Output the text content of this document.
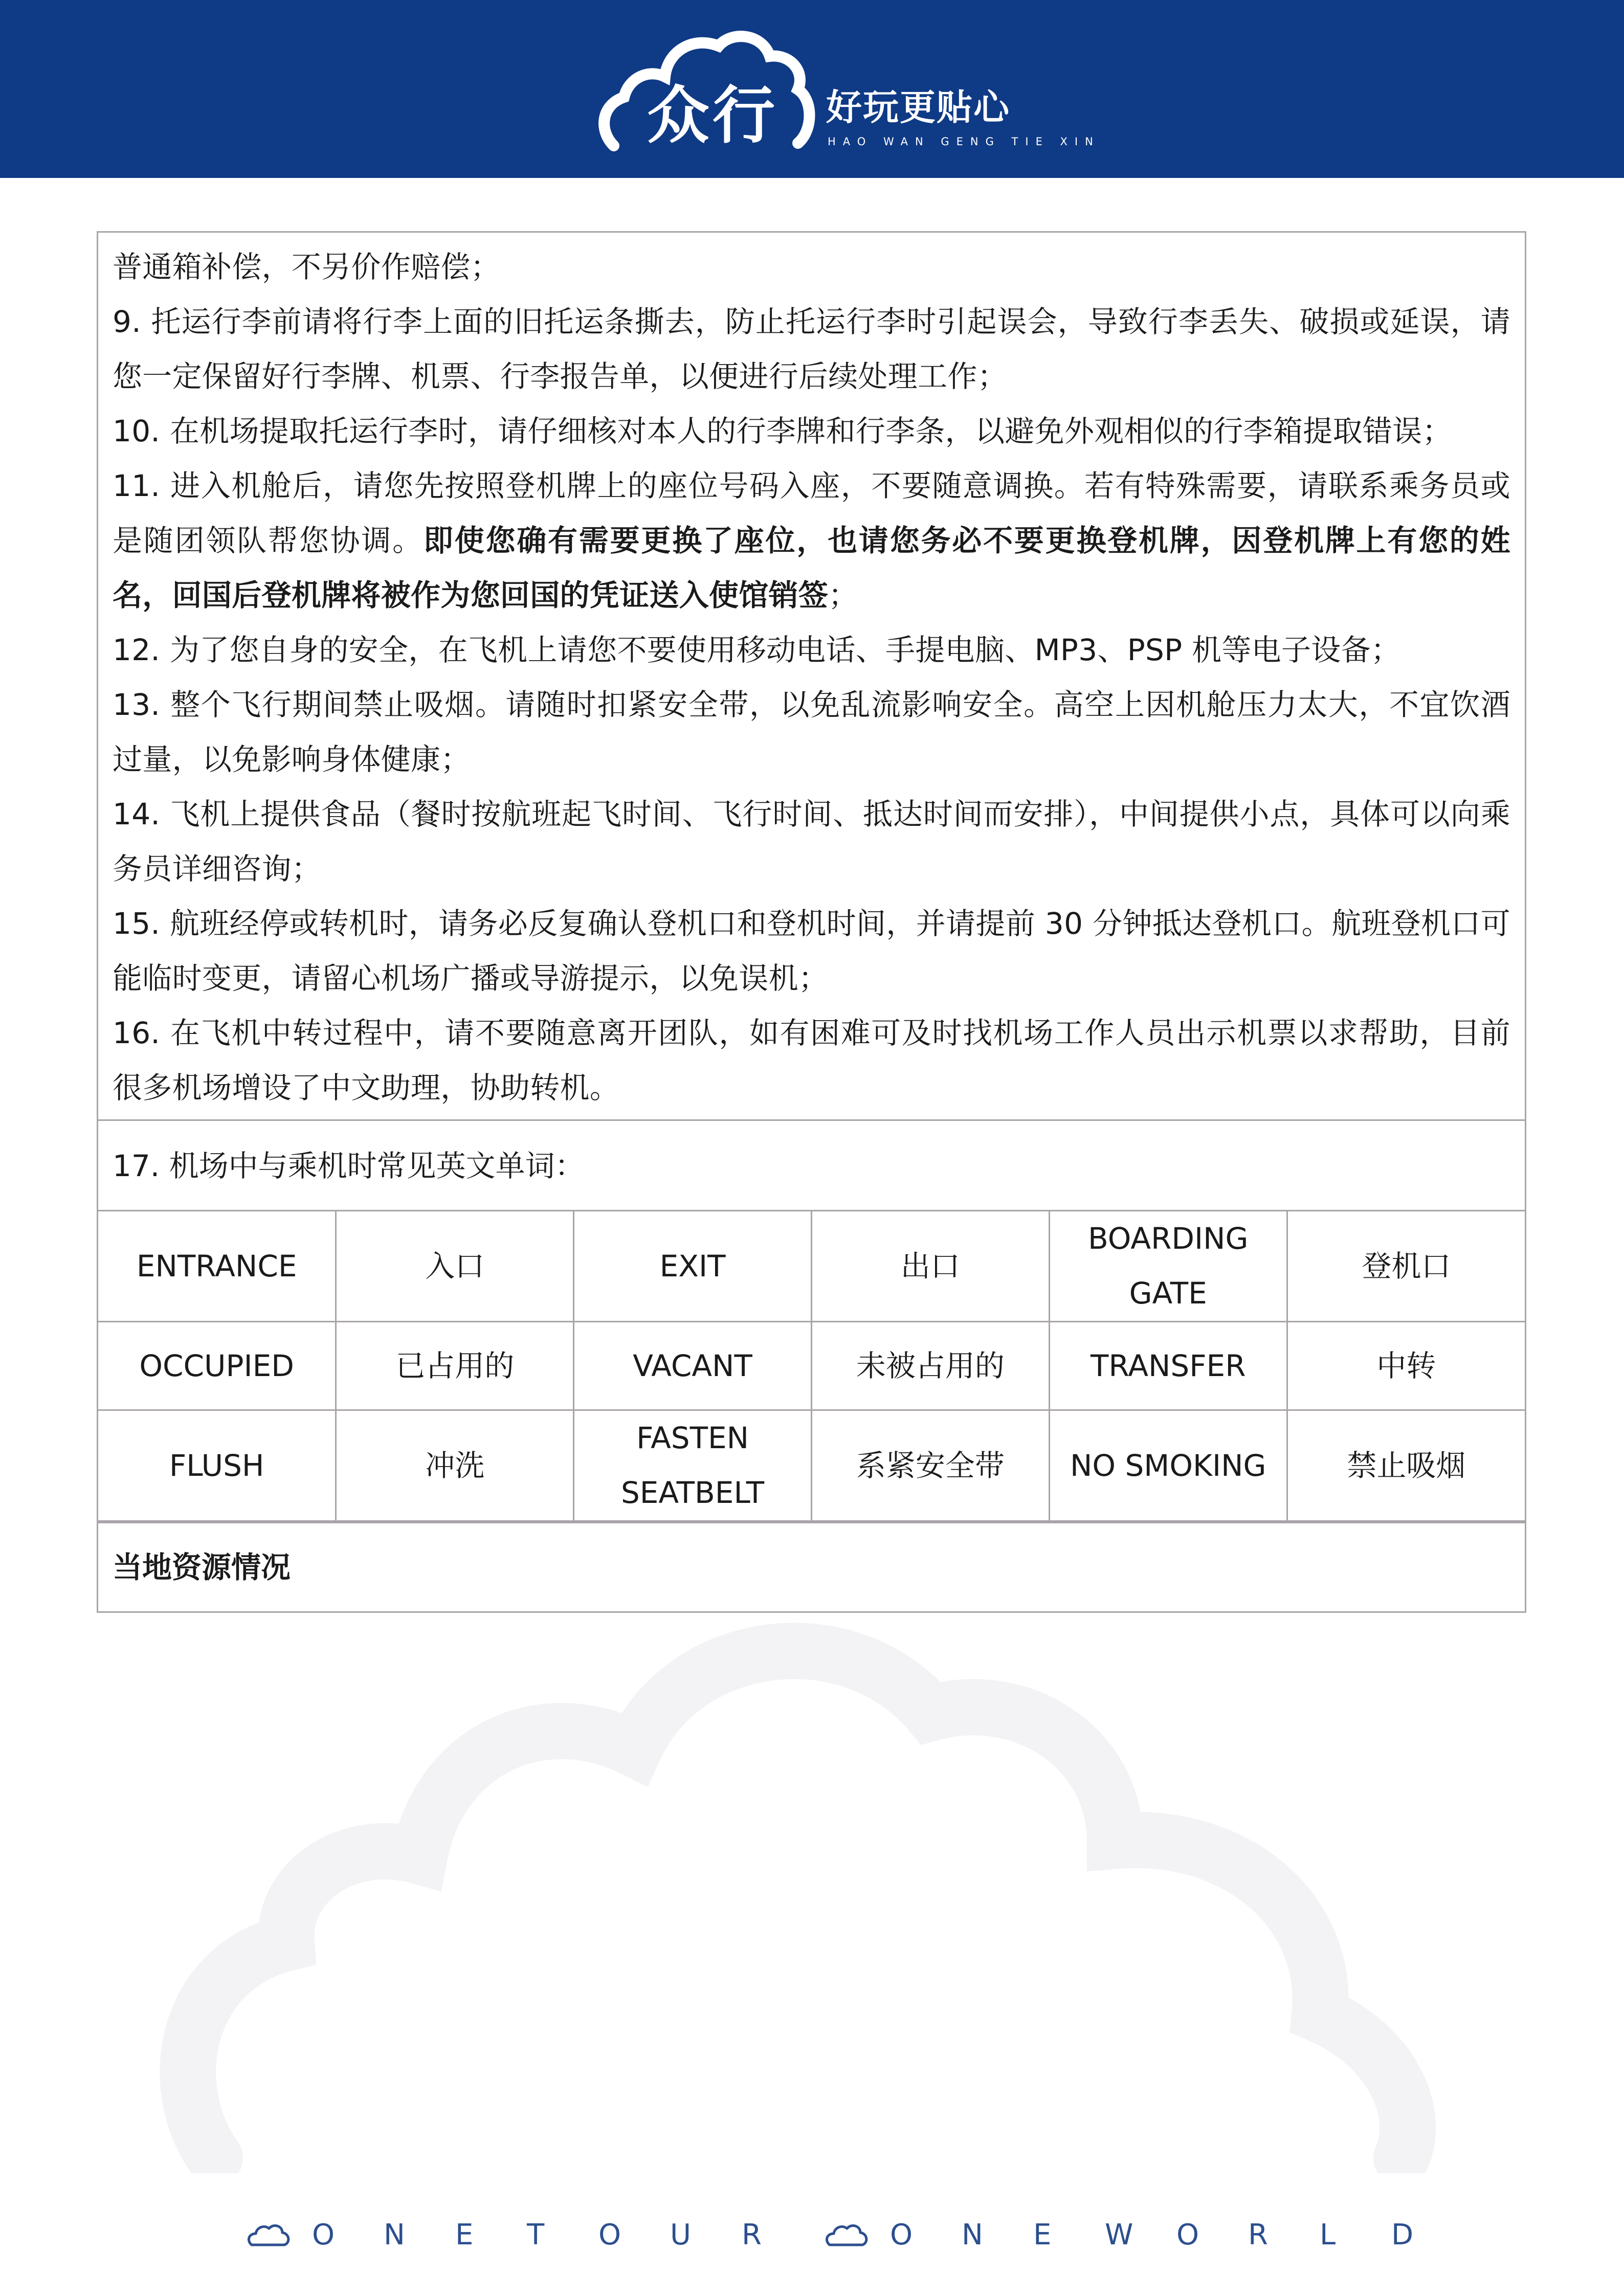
众行 好玩更贴心
HAO WAN GENG TIE XIN

普通箱补偿，不另价作赔偿；

9. 托运行李前请将行李上面的旧托运条撕去，防止托运行李时引起误会，导致行李丢失、破损或延误，请您一定保留好行李牌、机票、行李报告单，以便进行后续处理工作；

10. 在机场提取托运行李时，请仔细核对本人的行李牌和行李条，以避免外观相似的行李箱提取错误；

11. 进入机舱后，请您先按照登机牌上的座位号码入座，不要随意调换。若有特殊需要，请联系乘务员或是随团领队帮您协调。即使您确有需要更换了座位，也请您务必不要更换登机牌，因登机牌上有您的姓名，回国后登机牌将被作为您回国的凭证送入使馆销签；

12. 为了您自身的安全，在飞机上请您不要使用移动电话、手提电脑、MP3、PSP 机等电子设备；

13. 整个飞行期间禁止吸烟。请随时扣紧安全带，以免乱流影响安全。高空上因机舱压力太大，不宜饮酒过量，以免影响身体健康；

14. 飞机上提供食品（餐时按航班起飞时间、飞行时间、抵达时间而安排），中间提供小点，具体可以向乘务员详细咨询；

15. 航班经停或转机时，请务必反复确认登机口和登机时间，并请提前 30 分钟抵达登机口。航班登机口可能临时变更，请留心机场广播或导游提示，以免误机；

16. 在飞机中转过程中，请不要随意离开团队，如有困难可及时找机场工作人员出示机票以求帮助，目前很多机场增设了中文助理，协助转机。

17. 机场中与乘机时常见英文单词：
ENTRANCE	入口	EXIT	出口	BOARDING GATE	登机口
OCCUPIED	已占用的	VACANT	未被占用的	TRANSFER	中转
FLUSH	冲洗	FASTEN SEATBELT	系紧安全带	NO SMOKING	禁止吸烟
当地资源情况
O N E T O U R	O N E W O R L D
